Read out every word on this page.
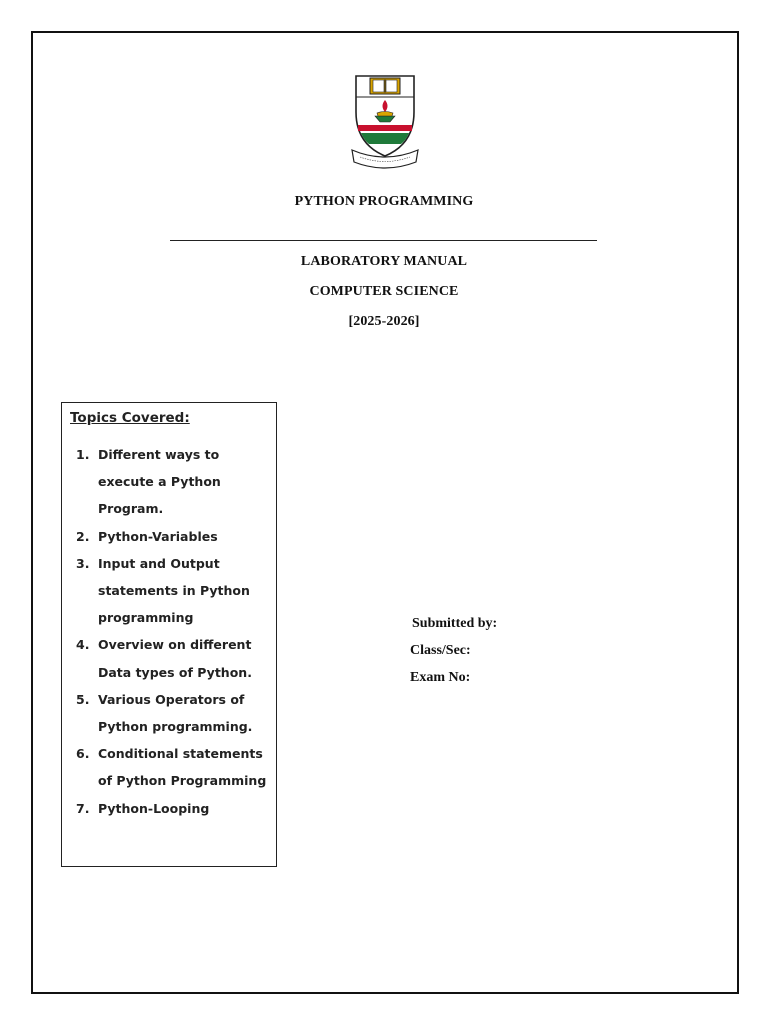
PYTHON PROGRAMMING
LABORATORY MANUAL
COMPUTER SCIENCE
[2025-2026]
Topics Covered:
1. Different ways to execute a Python Program.
2. Python-Variables
3. Input and Output statements in Python programming
4. Overview on different Data types of Python.
5. Various Operators of Python programming.
6. Conditional statements of Python Programming
7. Python-Looping
Submitted by:
Class/Sec:
Exam No:
